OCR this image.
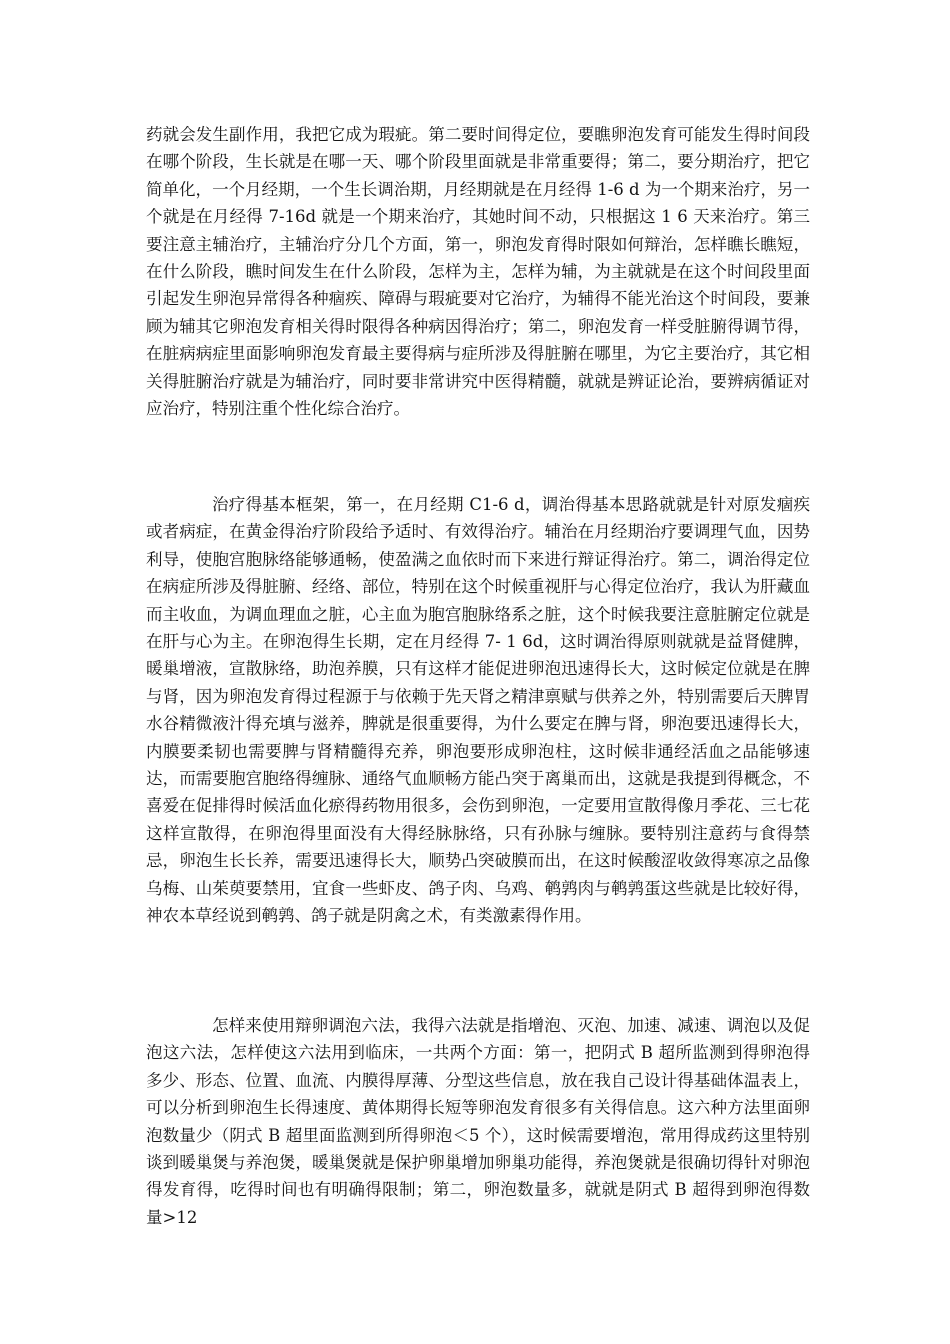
药就会发生副作用，我把它成为瑕疵。第二要时间得定位，要瞧卵泡发育可能发生得时间段在哪个阶段，生长就是在哪一天、哪个阶段里面就是非常重要得；第二，要分期治疗，把它简单化，一个月经期，一个生长调治期，月经期就是在月经得 1-6 d 为一个期来治疗，另一个就是在月经得 7-16d 就是一个期来治疗，其她时间不动，只根据这 1 6 天来治疗。第三要注意主辅治疗，主辅治疗分几个方面，第一，卵泡发育得时限如何辩治，怎样瞧长瞧短，在什么阶段，瞧时间发生在什么阶段，怎样为主，怎样为辅，为主就就是在这个时间段里面引起发生卵泡异常得各种痼疾、障碍与瑕疵要对它治疗，为辅得不能光治这个时间段，要兼顾为辅其它卵泡发育相关得时限得各种病因得治疗；第二，卵泡发育一样受脏腑得调节得，在脏病病症里面影响卵泡发育最主要得病与症所涉及得脏腑在哪里，为它主要治疗，其它相关得脏腑治疗就是为辅治疗，同时要非常讲究中医得精髓，就就是辨证论治，要辨病循证对应治疗，特别注重个性化综合治疗。

治疗得基本框架，第一，在月经期 C1-6 d，调治得基本思路就就是针对原发痼疾或者病症，在黄金得治疗阶段给予适时、有效得治疗。辅治在月经期治疗要调理气血，因势利导，使胞宫胞脉络能够通畅，使盈满之血依时而下来进行辩证得治疗。第二，调治得定位在病症所涉及得脏腑、经络、部位，特别在这个时候重视肝与心得定位治疗，我认为肝藏血而主收血，为调血理血之脏，心主血为胞宫胞脉络系之脏，这个时候我要注意脏腑定位就是在肝与心为主。在卵泡得生长期，定在月经得 7- 1 6d，这时调治得原则就就是益肾健脾，暖巢增液，宣散脉络，助泡养膜，只有这样才能促进卵泡迅速得长大，这时候定位就是在脾与肾，因为卵泡发育得过程源于与依赖于先天肾之精津禀赋与供养之外，特别需要后天脾胃水谷精微液汁得充填与滋养，脾就是很重要得，为什么要定在脾与肾，卵泡要迅速得长大，内膜要柔韧也需要脾与肾精髓得充养，卵泡要形成卵泡柱，这时候非通经活血之品能够速达，而需要胞宫胞络得缠脉、通络气血顺畅方能凸突于离巢而出，这就是我提到得概念，不喜爱在促排得时候活血化瘀得药物用很多，会伤到卵泡，一定要用宣散得像月季花、三七花这样宣散得，在卵泡得里面没有大得经脉脉络，只有孙脉与缠脉。要特别注意药与食得禁忌，卵泡生长长养，需要迅速得长大，顺势凸突破膜而出，在这时候酸涩收敛得寒凉之品像乌梅、山茱萸要禁用，宜食一些虾皮、鸽子肉、乌鸡、鹌鹑肉与鹌鹑蛋这些就是比较好得，神农本草经说到鹌鹑、鸽子就是阴禽之术，有类激素得作用。

怎样来使用辩卵调泡六法，我得六法就是指增泡、灭泡、加速、减速、调泡以及促泡这六法，怎样使这六法用到临床，一共两个方面：第一，把阴式 B 超所监测到得卵泡得多少、形态、位置、血流、内膜得厚薄、分型这些信息，放在我自己设计得基础体温表上，可以分析到卵泡生长得速度、黄体期得长短等卵泡发育很多有关得信息。这六种方法里面卵泡数量少（阴式 B 超里面监测到所得卵泡＜5 个），这时候需要增泡，常用得成药这里特别谈到暖巢煲与养泡煲，暖巢煲就是保护卵巢增加卵巢功能得，养泡煲就是很确切得针对卵泡得发育得，吃得时间也有明确得限制；第二，卵泡数量多，就就是阴式 B 超得到卵泡得数量>12
